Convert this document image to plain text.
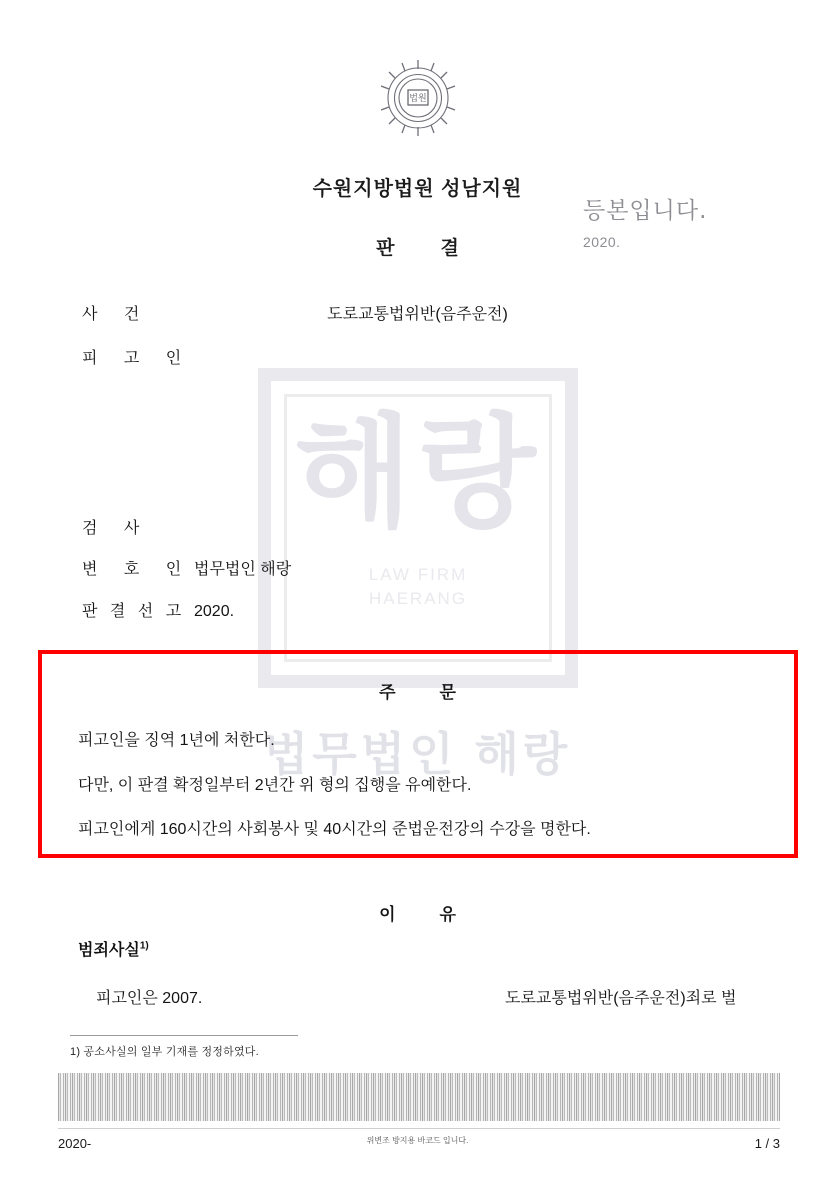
법원
해랑
LAW FIRM
HAERANG
법무법인 해랑
수원지방법원 성남지원
판 결
등본입니다.
2020.
사 건	도로교통법위반(음주운전)
피 고 인
검 사
변 호 인 법무법인 해랑
판 결 선 고 2020.
주	문
피고인을 징역 1년에 처한다.
다만, 이 판결 확정일부터 2년간 위 형의 집행을 유예한다.
피고인에게 160시간의 사회봉사 및 40시간의 준법운전강의 수강을 명한다.
이	유
범죄사실$^{1)}$
피고인은 2007.	도로교통법위반(음주운전)죄로 벌
1) 공소사실의 일부 기재를 정정하였다.
위변조 방지용 바코드 입니다.
2020-	1 / 3
